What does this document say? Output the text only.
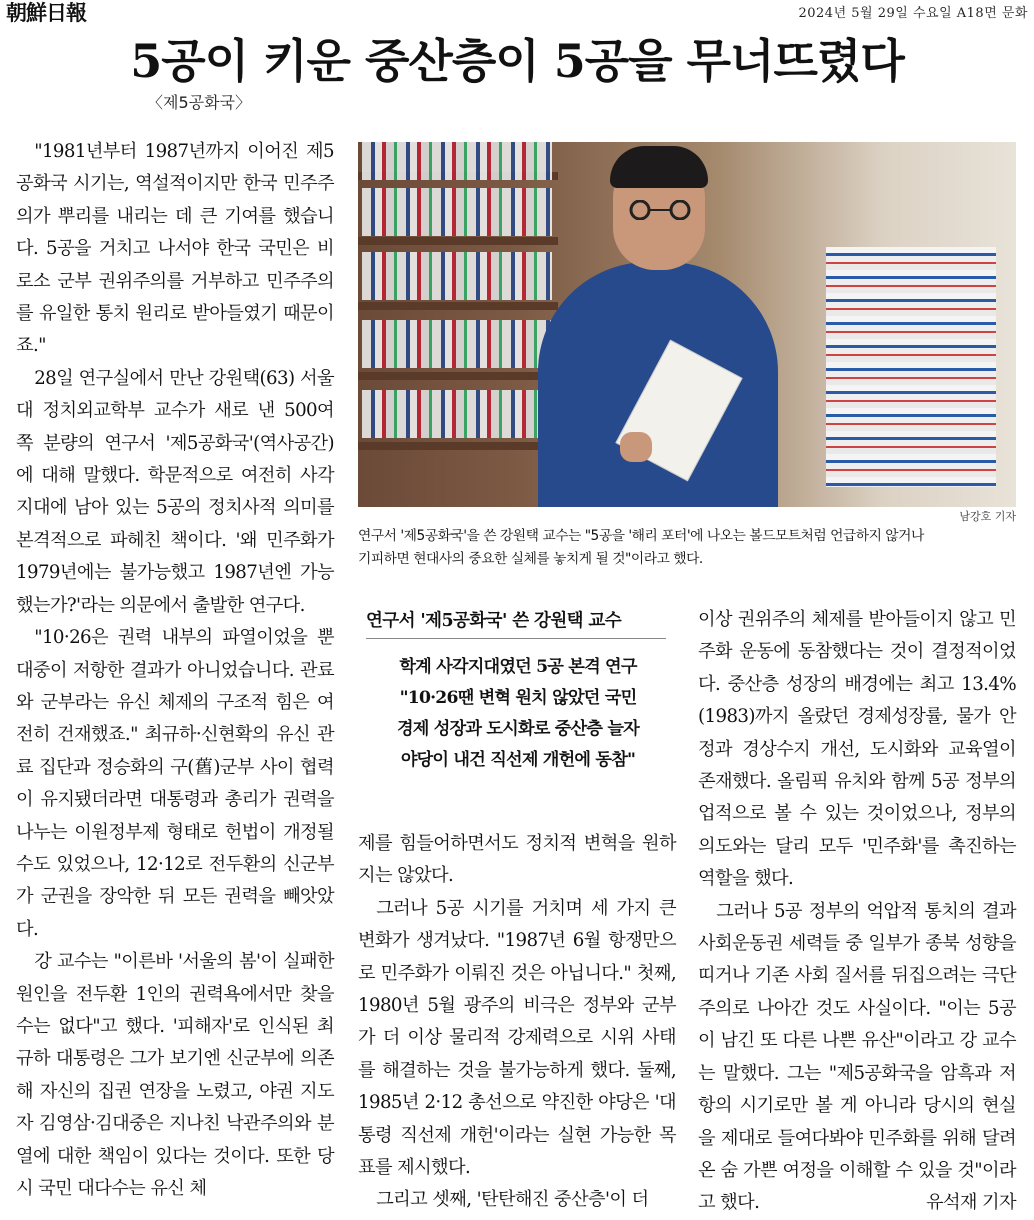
朝鮮日報	2024년 5월 29일 수요일 A18면 문화
5공이 키운 중산층이 5공을 무너뜨렸다
〈제5공화국〉

"1981년부터 1987년까지 이어진 제5공화국 시기는, 역설적이지만 한국 민주주의가 뿌리를 내리는 데 큰 기여를 했습니다. 5공을 거치고 나서야 한국 국민은 비로소 군부 권위주의를 거부하고 민주주의를 유일한 통치 원리로 받아들였기 때문이죠."

28일 연구실에서 만난 강원택(63) 서울대 정치외교학부 교수가 새로 낸 500여 쪽 분량의 연구서 '제5공화국'(역사공간)에 대해 말했다. 학문적으로 여전히 사각지대에 남아 있는 5공의 정치사적 의미를 본격적으로 파헤친 책이다. '왜 민주화가 1979년에는 불가능했고 1987년엔 가능했는가?'라는 의문에서 출발한 연구다.

"10·26은 권력 내부의 파열이었을 뿐 대중이 저항한 결과가 아니었습니다. 관료와 군부라는 유신 체제의 구조적 힘은 여전히 건재했죠." 최규하·신현확의 유신 관료 집단과 정승화의 구(舊)군부 사이 협력이 유지됐더라면 대통령과 총리가 권력을 나누는 이원정부제 형태로 헌법이 개정될 수도 있었으나, 12·12로 전두환의 신군부가 군권을 장악한 뒤 모든 권력을 빼앗았다.

강 교수는 "이른바 '서울의 봄'이 실패한 원인을 전두환 1인의 권력욕에서만 찾을 수는 없다"고 했다. '피해자'로 인식된 최규하 대통령은 그가 보기엔 신군부에 의존해 자신의 집권 연장을 노렸고, 야권 지도자 김영삼·김대중은 지나친 낙관주의와 분열에 대한 책임이 있다는 것이다. 또한 당시 국민 대다수는 유신 체

남강호 기자
연구서 '제5공화국'을 쓴 강원택 교수는 "5공을 '해리 포터'에 나오는 볼드모트처럼 언급하지 않거나
기피하면 현대사의 중요한 실체를 놓치게 될 것"이라고 했다.
연구서 '제5공화국' 쓴 강원택 교수
학계 사각지대였던 5공 본격 연구
"10·26땐 변혁 원치 않았던 국민
경제 성장과 도시화로 중산층 늘자
야당이 내건 직선제 개헌에 동참"

제를 힘들어하면서도 정치적 변혁을 원하지는 않았다.

그러나 5공 시기를 거치며 세 가지 큰 변화가 생겨났다. "1987년 6월 항쟁만으로 민주화가 이뤄진 것은 아닙니다." 첫째, 1980년 5월 광주의 비극은 정부와 군부가 더 이상 물리적 강제력으로 시위 사태를 해결하는 것을 불가능하게 했다. 둘째, 1985년 2·12 총선으로 약진한 야당은 '대통령 직선제 개헌'이라는 실현 가능한 목표를 제시했다.

그리고 셋째, '탄탄해진 중산층'이 더

이상 권위주의 체제를 받아들이지 않고 민주화 운동에 동참했다는 것이 결정적이었다. 중산층 성장의 배경에는 최고 13.4%(1983)까지 올랐던 경제성장률, 물가 안정과 경상수지 개선, 도시화와 교육열이 존재했다. 올림픽 유치와 함께 5공 정부의 업적으로 볼 수 있는 것이었으나, 정부의 의도와는 달리 모두 '민주화'를 촉진하는 역할을 했다.

그러나 5공 정부의 억압적 통치의 결과 사회운동권 세력들 중 일부가 종북 성향을 띠거나 기존 사회 질서를 뒤집으려는 극단주의로 나아간 것도 사실이다. "이는 5공이 남긴 또 다른 나쁜 유산"이라고 강 교수는 말했다. 그는 "제5공화국을 암흑과 저항의 시기로만 볼 게 아니라 당시의 현실을 제대로 들여다봐야 민주화를 위해 달려온 숨 가쁜 여정을 이해할 수 있을 것"이라고 했다.	유석재 기자
